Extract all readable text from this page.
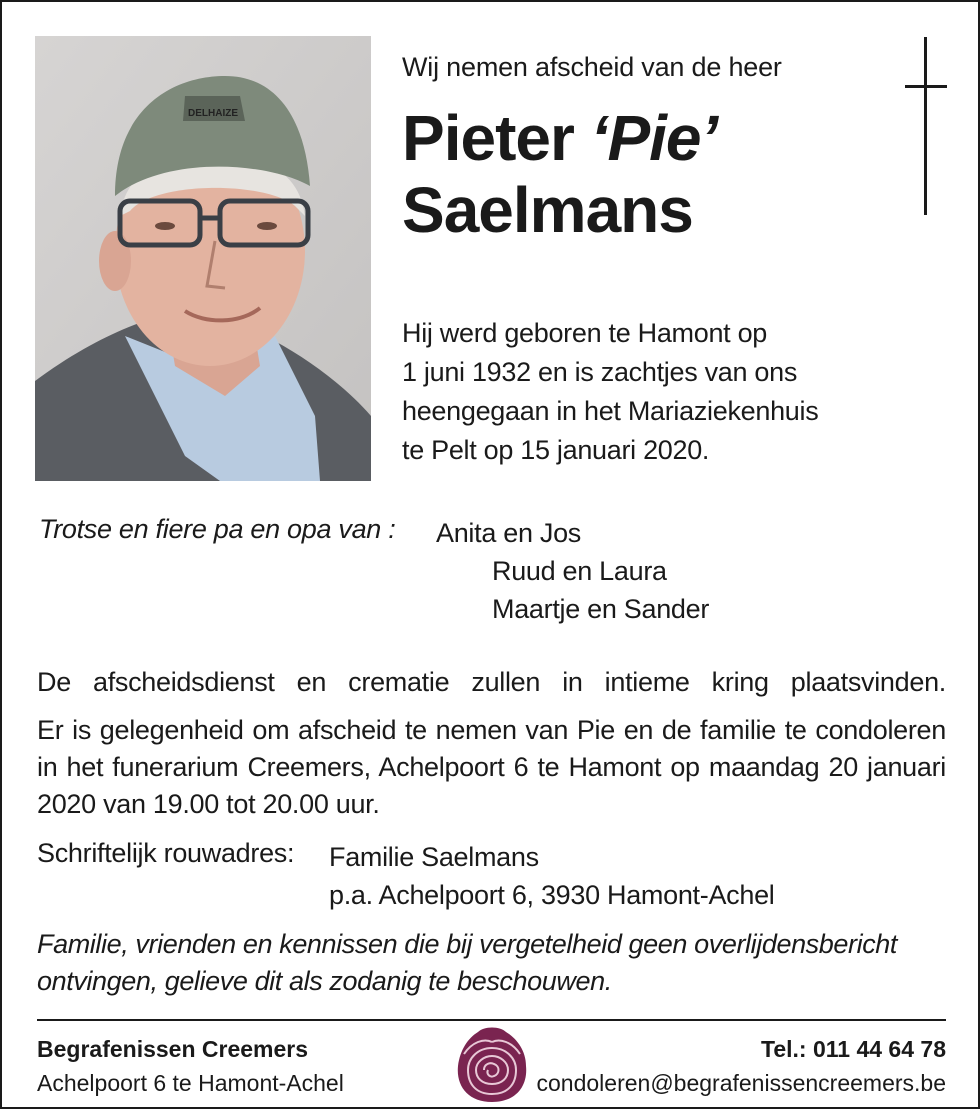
DELHAIZE
Wij nemen afscheid van de heer
Pieter ‘Pie’
Saelmans
Hij werd geboren te Hamont op
1 juni 1932 en is zachtjes van ons
heengegaan in het Mariaziekenhuis
te Pelt op 15 januari 2020.
Trotse en fiere pa en opa van : Anita en Jos
Ruud en Laura
Maartje en Sander
De afscheidsdienst en crematie zullen in intieme kring plaatsvinden.
Er is gelegenheid om afscheid te nemen van Pie en de familie te condoleren in het funerarium Creemers, Achelpoort 6 te Hamont op maandag 20 januari 2020 van 19.00 tot 20.00 uur.
Schriftelijk rouwadres: Familie Saelmans
p.a. Achelpoort 6, 3930 Hamont-Achel
Familie, vrienden en kennissen die bij vergetelheid geen overlijdensbericht ontvingen, gelieve dit als zodanig te beschouwen.
Begrafenissen Creemers
Achelpoort 6 te Hamont-Achel
Tel.: 011 44 64 78
condoleren@begrafenissencreemers.be
